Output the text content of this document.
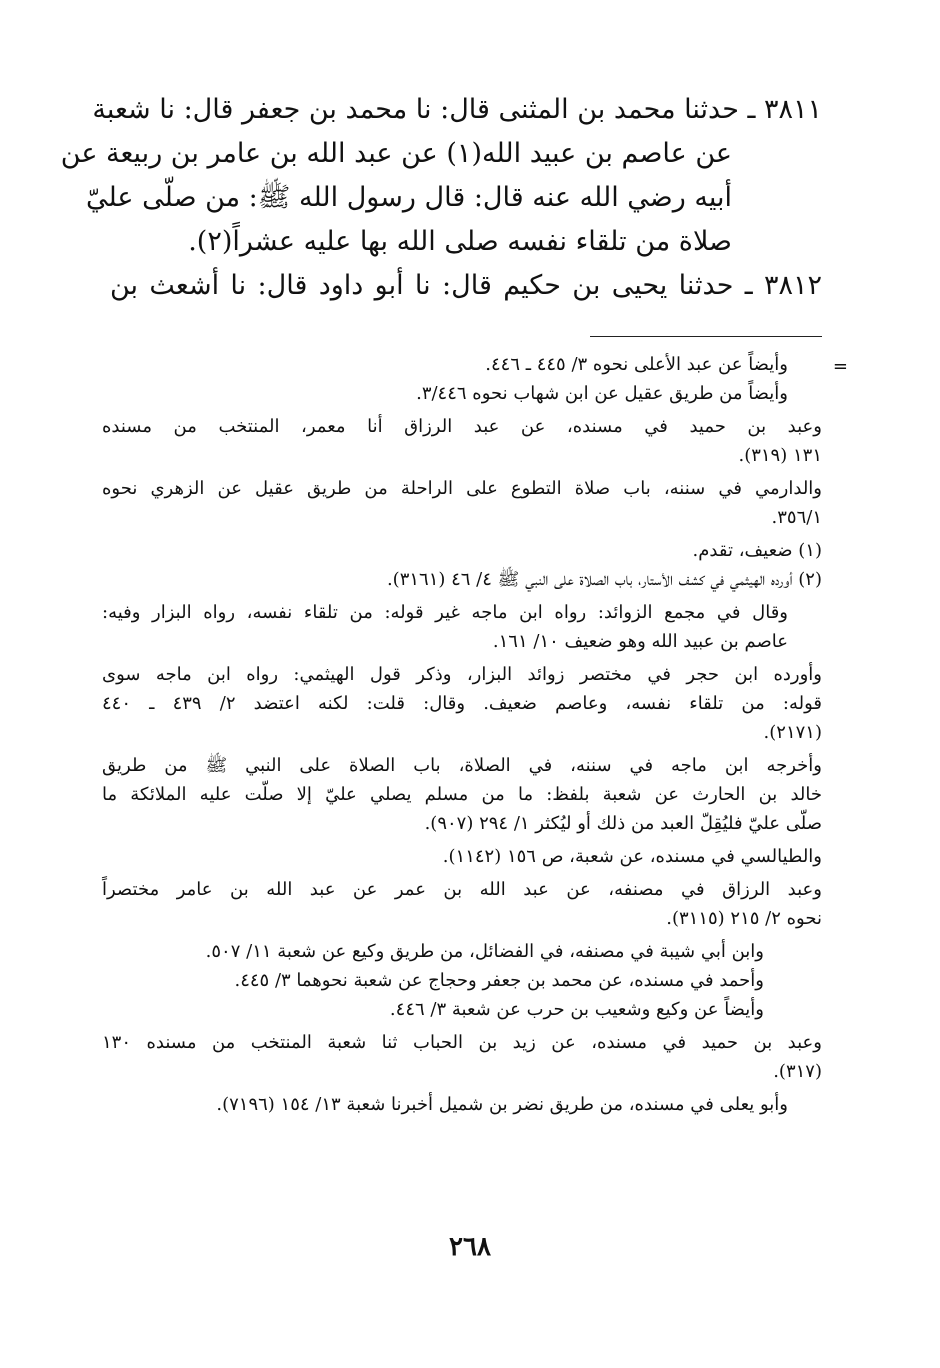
٣٨١١ ـ حدثنا محمد بن المثنى قال: نا محمد بن جعفر قال: نا شعبة
عن عاصم بن عبيد الله(١) عن عبد الله بن عامر بن ربيعة عن
أبيه رضي الله عنه قال: قال رسول الله ﷺ: من صلّى عليّ
صلاة من تلقاء نفسه صلى الله بها عليه عشراً(٢).
٣٨١٢ ـ حدثنا يحيى بن حكيم قال: نا أبو داود قال: نا أشعث بن
=
وأيضاً عن عبد الأعلى نحوه ٣/ ٤٤٥ ـ ٤٤٦.
وأيضاً من طريق عقيل عن ابن شهاب نحوه ٣/٤٤٦.
وعبد بن حميد في مسنده، عن عبد الرزاق أنا معمر، المنتخب من مسنده
١٣١ (٣١٩).
والدارمي في سننه، باب صلاة التطوع على الراحلة من طريق عقيل عن الزهري نحوه
٣٥٦/١.
(١) ضعيف، تقدم.
(٢) أورده الهيثمي في كشف الأستار، باب الصلاة على النبي ﷺ ٤/ ٤٦ (٣١٦١).
وقال في مجمع الزوائد: رواه ابن ماجه غير قوله: من تلقاء نفسه، رواه البزار وفيه:
عاصم بن عبيد الله وهو ضعيف ١٠/ ١٦١.
وأورده ابن حجر في مختصر زوائد البزار، وذكر قول الهيثمي: رواه ابن ماجه سوى
قوله: من تلقاء نفسه، وعاصم ضعيف. وقال: قلت: لكنه اعتضد ٢/ ٤٣٩ ـ ٤٤٠
(٢١٧١).
وأخرجه ابن ماجه في سننه، في الصلاة، باب الصلاة على النبي ﷺ من طريق
خالد بن الحارث عن شعبة بلفظ: ما من مسلم يصلي عليّ إلا صلّت عليه الملائكة ما
صلّى عليّ فليُقِلّ العبد من ذلك أو ليُكثر ١/ ٢٩٤ (٩٠٧).
والطيالسي في مسنده، عن شعبة، ص ١٥٦ (١١٤٢).
وعبد الرزاق في مصنفه، عن عبد الله بن عمر عن عبد الله بن عامر مختصراً
نحوه ٢/ ٢١٥ (٣١١٥).
وابن أبي شيبة في مصنفه، في الفضائل، من طريق وكيع عن شعبة ١١/ ٥٠٧.
وأحمد في مسنده، عن محمد بن جعفر وحجاج عن شعبة نحوهما ٣/ ٤٤٥.
وأيضاً عن وكيع وشعيب بن حرب عن شعبة ٣/ ٤٤٦.
وعبد بن حميد في مسنده، عن زيد بن الحباب ثنا شعبة المنتخب من مسنده ١٣٠
(٣١٧).
وأبو يعلى في مسنده، من طريق نضر بن شميل أخبرنا شعبة ١٣/ ١٥٤ (٧١٩٦).
٢٦٨
